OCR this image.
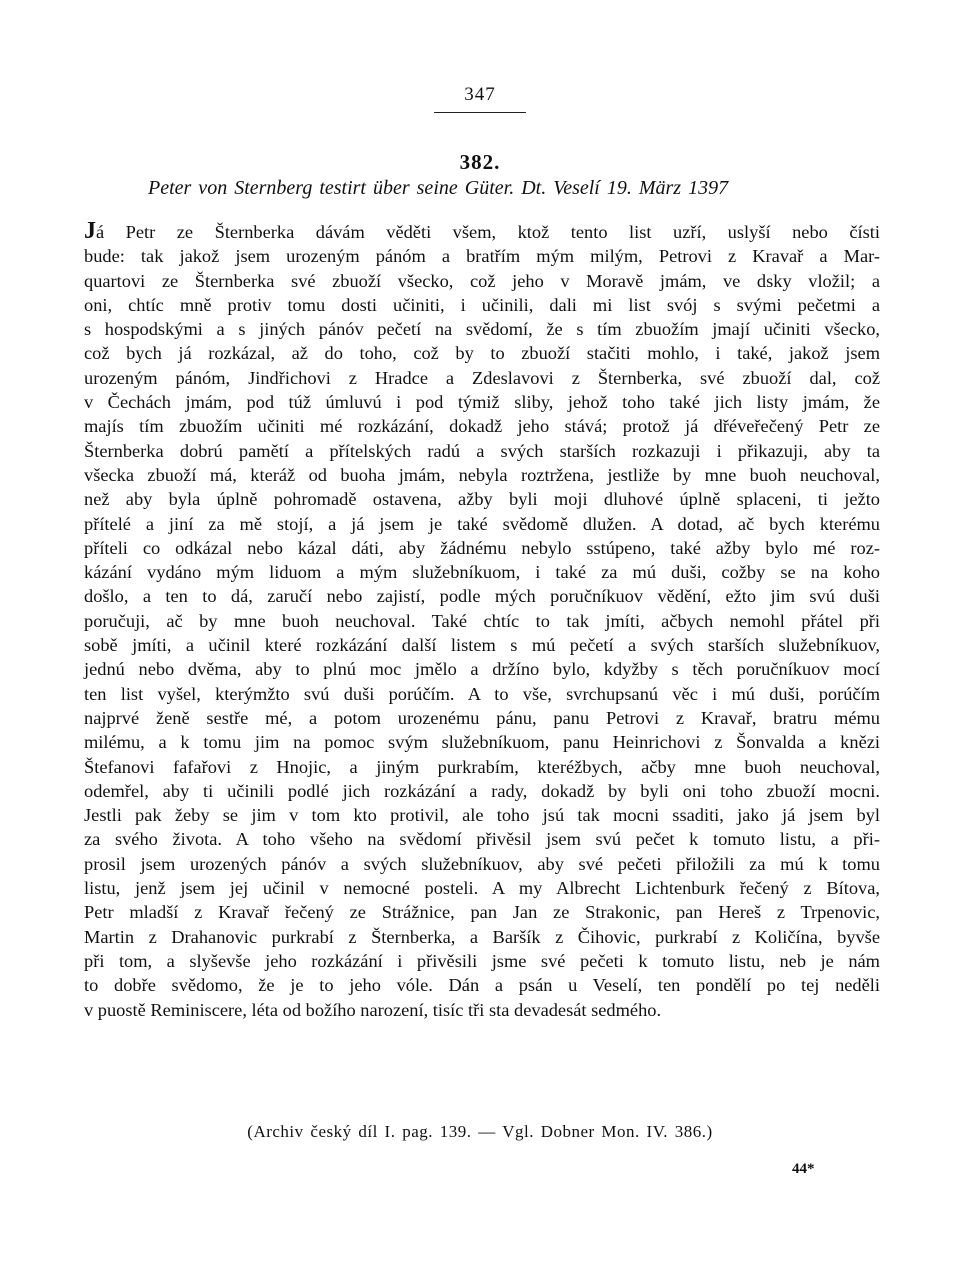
347
382.
Peter von Sternberg testirt über seine Güter. Dt. Veselí 19. März 1397
Já Petr ze Šternberka dávám věděti všem, ktož tento list uzří, uslyší nebo čísti
bude: tak jakož jsem urozeným pánóm a bratřím mým milým, Petrovi z Kravař a Mar-
quartovi ze Šternberka své zbuoží všecko, což jeho v Moravě jmám, ve dsky vložil; a
oni, chtíc mně protiv tomu dosti učiniti, i učinili, dali mi list svój s svými pečetmi a
s hospodskými a s jiných pánóv pečetí na svědomí, že s tím zbuožím jmají učiniti všecko,
což bych já rozkázal, až do toho, což by to zbuoží stačiti mohlo, i také, jakož jsem
urozeným pánóm, Jindřichovi z Hradce a Zdeslavovi z Šternberka, své zbuoží dal, což
v Čechách jmám, pod túž úmluvú i pod týmiž sliby, jehož toho také jich listy jmám, že
majís tím zbuožím učiniti mé rozkázání, dokadž jeho stává; protož já dřéveřečený Petr ze
Šternberka dobrú pamětí a přítelských radú a svých starších rozkazuji i přikazuji, aby ta
všecka zbuoží má, kteráž od buoha jmám, nebyla roztržena, jestliže by mne buoh neuchoval,
než aby byla úplně pohromadě ostavena, ažby byli moji dluhové úplně splaceni, ti ježto
přítelé a jiní za mě stojí, a já jsem je také svědomě dlužen. A dotad, ač bych kterému
příteli co odkázal nebo kázal dáti, aby žádnému nebylo sstúpeno, také ažby bylo mé roz-
kázání vydáno mým liduom a mým služebníkuom, i také za mú duši, cožby se na koho
došlo, a ten to dá, zaručí nebo zajistí, podle mých poručníkuov vědění, ežto jim svú duši
poručuji, ač by mne buoh neuchoval. Také chtíc to tak jmíti, ačbych nemohl přátel při
sobě jmíti, a učinil které rozkázání další listem s mú pečetí a svých starších služebníkuov,
jednú nebo dvěma, aby to plnú moc jmělo a držíno bylo, kdyžby s těch poručníkuov mocí
ten list vyšel, kterýmžto svú duši porúčím. A to vše, svrchupsanú věc i mú duši, porúčím
najprvé ženě sestře mé, a potom urozenému pánu, panu Petrovi z Kravař, bratru mému
milému, a k tomu jim na pomoc svým služebníkuom, panu Heinrichovi z Šonvalda a knězi
Štefanovi fafařovi z Hnojic, a jiným purkrabím, kteréžbych, ačby mne buoh neuchoval,
odemřel, aby ti učinili podlé jich rozkázání a rady, dokadž by byli oni toho zbuoží mocni.
Jestli pak žeby se jim v tom kto protivil, ale toho jsú tak mocni ssaditi, jako já jsem byl
za svého života. A toho všeho na svědomí přivěsil jsem svú pečet k tomuto listu, a při-
prosil jsem urozených pánóv a svých služebníkuov, aby své pečeti přiložili za mú k tomu
listu, jenž jsem jej učinil v nemocné posteli. A my Albrecht Lichtenburk řečený z Bítova,
Petr mladší z Kravař řečený ze Strážnice, pan Jan ze Strakonic, pan Hereš z Trpenovic,
Martin z Drahanovic purkrabí z Šternberka, a Baršík z Čihovic, purkrabí z Količína, byvše
při tom, a slyševše jeho rozkázání i přivěsili jsme své pečeti k tomuto listu, neb je nám
to dobře svědomo, že je to jeho vóle. Dán a psán u Veselí, ten pondělí po tej neděli
v puostě Reminiscere, léta od božího narození, tisíc tři sta devadesát sedmého.
(Archiv český díl I. pag. 139. — Vgl. Dobner Mon. IV. 386.)
44*
